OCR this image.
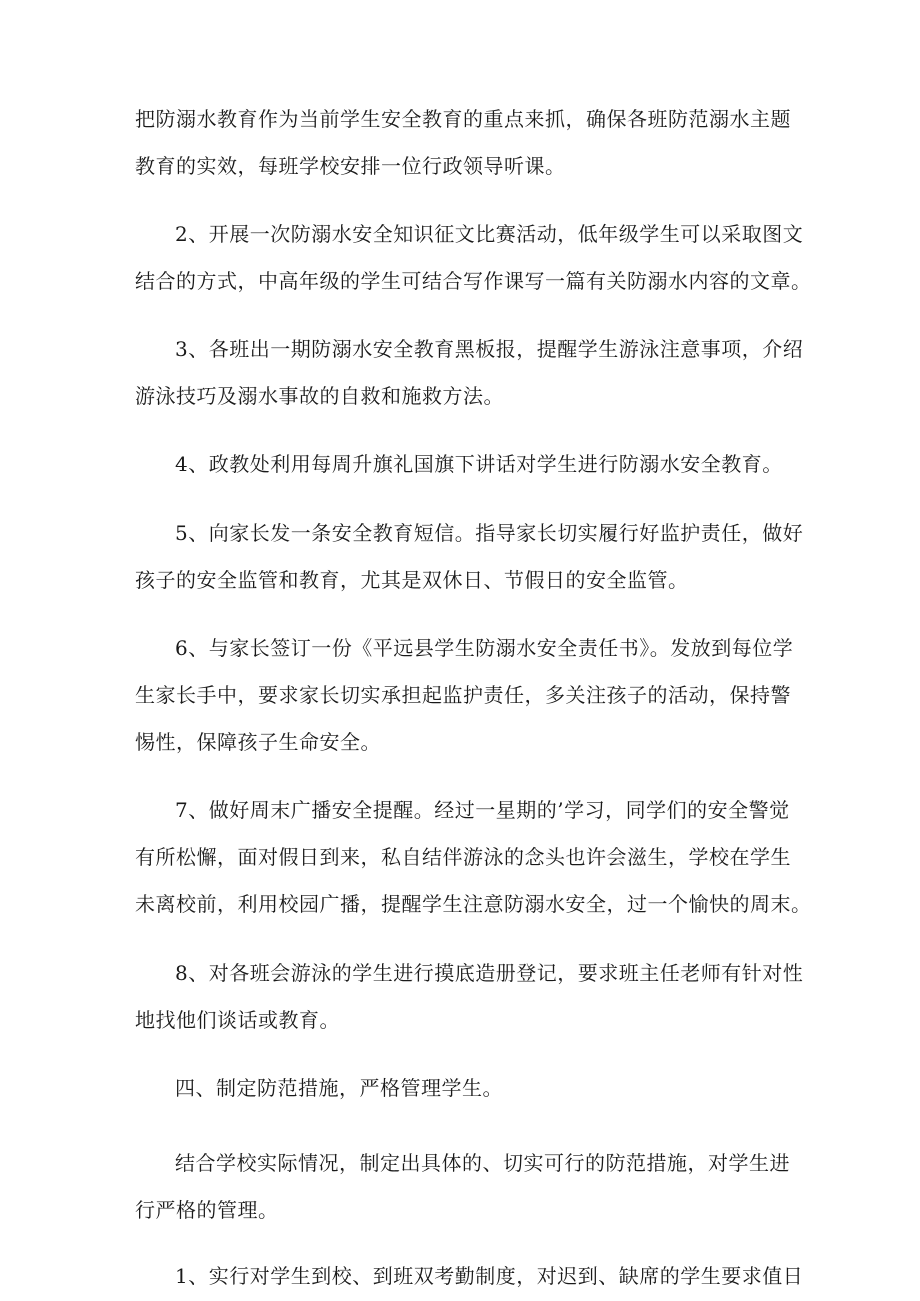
把防溺水教育作为当前学生安全教育的重点来抓，确保各班防范溺水主题
教育的实效，每班学校安排一位行政领导听课。
2、开展一次防溺水安全知识征文比赛活动，低年级学生可以采取图文
结合的方式，中高年级的学生可结合写作课写一篇有关防溺水内容的文章。
3、各班出一期防溺水安全教育黑板报，提醒学生游泳注意事项，介绍
游泳技巧及溺水事故的自救和施救方法。
4、政教处利用每周升旗礼国旗下讲话对学生进行防溺水安全教育。
5、向家长发一条安全教育短信。指导家长切实履行好监护责任，做好
孩子的安全监管和教育，尤其是双休日、节假日的安全监管。
6、与家长签订一份《平远县学生防溺水安全责任书》。发放到每位学
生家长手中，要求家长切实承担起监护责任，多关注孩子的活动，保持警
惕性，保障孩子生命安全。
7、做好周末广播安全提醒。经过一星期的’学习，同学们的安全警觉
有所松懈，面对假日到来，私自结伴游泳的念头也许会滋生，学校在学生
未离校前，利用校园广播，提醒学生注意防溺水安全，过一个愉快的周末。
8、对各班会游泳的学生进行摸底造册登记，要求班主任老师有针对性
地找他们谈话或教育。
四、制定防范措施，严格管理学生。
结合学校实际情况，制定出具体的、切实可行的防范措施，对学生进
行严格的管理。
1、实行对学生到校、到班双考勤制度，对迟到、缺席的学生要求值日
